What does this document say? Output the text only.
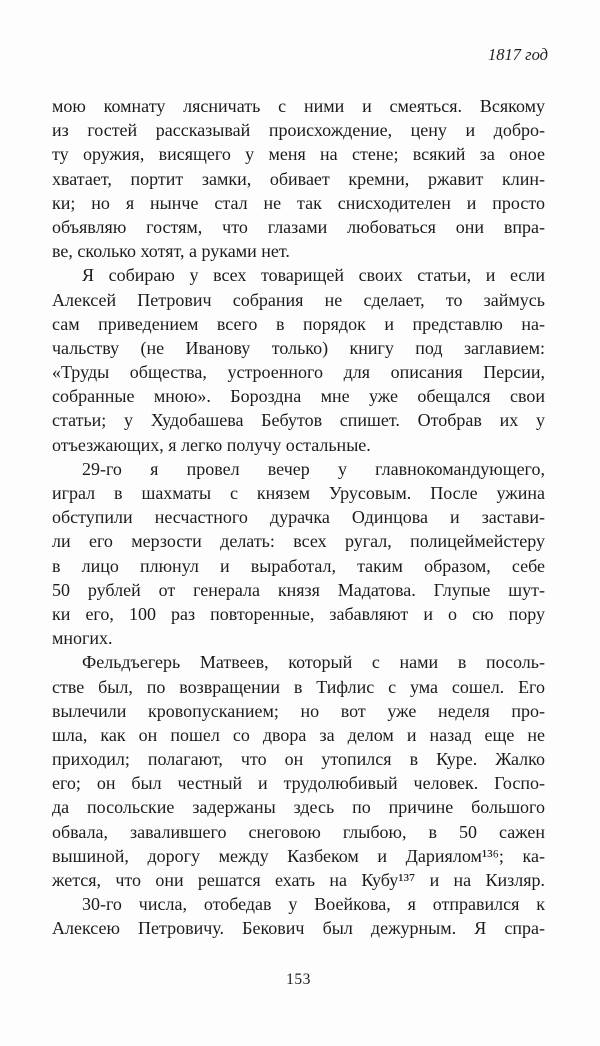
1817 год
мою комнату лясничать с ними и смеяться. Всякому
из гостей рассказывай происхождение, цену и добро-
ту оружия, висящего у меня на стене; всякий за оное
хватает, портит замки, обивает кремни, ржавит клин-
ки; но я нынче стал не так снисходителен и просто
объявляю гостям, что глазами любоваться они впра-
ве, сколько хотят, а руками нет.
Я собираю у всех товарищей своих статьи, и если
Алексей Петрович собрания не сделает, то займусь
сам приведением всего в порядок и представлю на-
чальству (не Иванову только) книгу под заглавием:
«Труды общества, устроенного для описания Персии,
собранные мною». Бороздна мне уже обещался свои
статьи; у Худобашева Бебутов спишет. Отобрав их у
отъезжающих, я легко получу остальные.
29-го я провел вечер у главнокомандующего,
играл в шахматы с князем Урусовым. После ужина
обступили несчастного дурачка Одинцова и застави-
ли его мерзости делать: всех ругал, полицеймейстеру
в лицо плюнул и выработал, таким образом, себе
50 рублей от генерала князя Мадатова. Глупые шут-
ки его, 100 раз повторенные, забавляют и о сю пору
многих.
Фельдъегерь Матвеев, который с нами в посоль-
стве был, по возвращении в Тифлис с ума сошел. Его
вылечили кровопусканием; но вот уже неделя про-
шла, как он пошел со двора за делом и назад еще не
приходил; полагают, что он утопился в Куре. Жалко
его; он был честный и трудолюбивый человек. Госпо-
да посольские задержаны здесь по причине большого
обвала, завалившего снеговою глыбою, в 50 сажен
вышиной, дорогу между Казбеком и Дариялом¹³⁶; ка-
жется, что они решатся ехать на Кубу¹³⁷ и на Кизляр.
30-го числа, отобедав у Воейкова, я отправился к
Алексею Петровичу. Бекович был дежурным. Я спра-
153
